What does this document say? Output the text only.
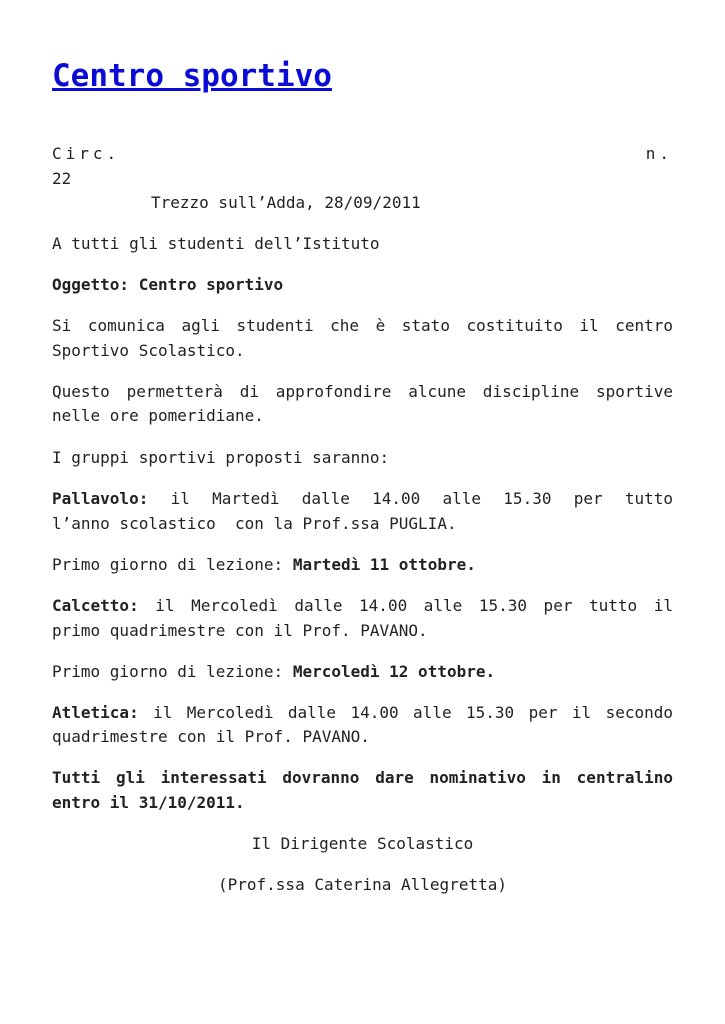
Centro sportivo
Circ.	n.

22

Trezzo sull’Adda, 28/09/2011

A tutti gli studenti dell’Istituto

Oggetto: Centro sportivo

Si comunica agli studenti che è stato costituito il centro

Sportivo Scolastico.

Questo permetterà di approfondire alcune discipline sportive

nelle ore pomeridiane.

I gruppi sportivi proposti saranno:

Pallavolo: il Martedì dalle 14.00 alle 15.30 per tutto

l’anno scolastico  con la Prof.ssa PUGLIA.

Primo giorno di lezione: Martedì 11 ottobre.

Calcetto: il Mercoledì dalle 14.00 alle 15.30 per tutto il

primo quadrimestre con il Prof. PAVANO.

Primo giorno di lezione: Mercoledì 12 ottobre.

Atletica: il Mercoledì dalle 14.00 alle 15.30 per il secondo

quadrimestre con il Prof. PAVANO.

Tutti gli interessati dovranno dare nominativo in centralino

entro il 31/10/2011.

Il Dirigente Scolastico

(Prof.ssa Caterina Allegretta)
